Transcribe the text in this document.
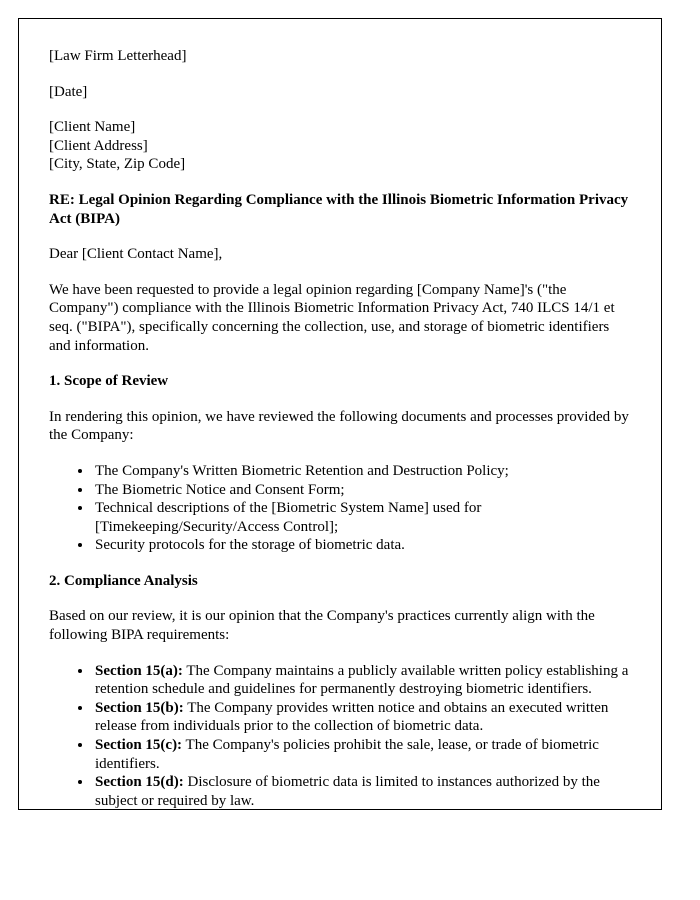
[Law Firm Letterhead]

[Date]

[Client Name]
[Client Address]
[City, State, Zip Code]

RE: Legal Opinion Regarding Compliance with the Illinois Biometric Information Privacy Act (BIPA)

Dear [Client Contact Name],

We have been requested to provide a legal opinion regarding [Company Name]'s ("the Company") compliance with the Illinois Biometric Information Privacy Act, 740 ILCS 14/1 et seq. ("BIPA"), specifically concerning the collection, use, and storage of biometric identifiers and information.

1. Scope of Review

In rendering this opinion, we have reviewed the following documents and processes provided by the Company:

• The Company's Written Biometric Retention and Destruction Policy;
• The Biometric Notice and Consent Form;
• Technical descriptions of the [Biometric System Name] used for [Timekeeping/Security/Access Control];
• Security protocols for the storage of biometric data.

2. Compliance Analysis

Based on our review, it is our opinion that the Company's practices currently align with the following BIPA requirements:

• Section 15(a): The Company maintains a publicly available written policy establishing a retention schedule and guidelines for permanently destroying biometric identifiers.
• Section 15(b): The Company provides written notice and obtains an executed written release from individuals prior to the collection of biometric data.
• Section 15(c): The Company's policies prohibit the sale, lease, or trade of biometric identifiers.
• Section 15(d): Disclosure of biometric data is limited to instances authorized by the subject or required by law.
